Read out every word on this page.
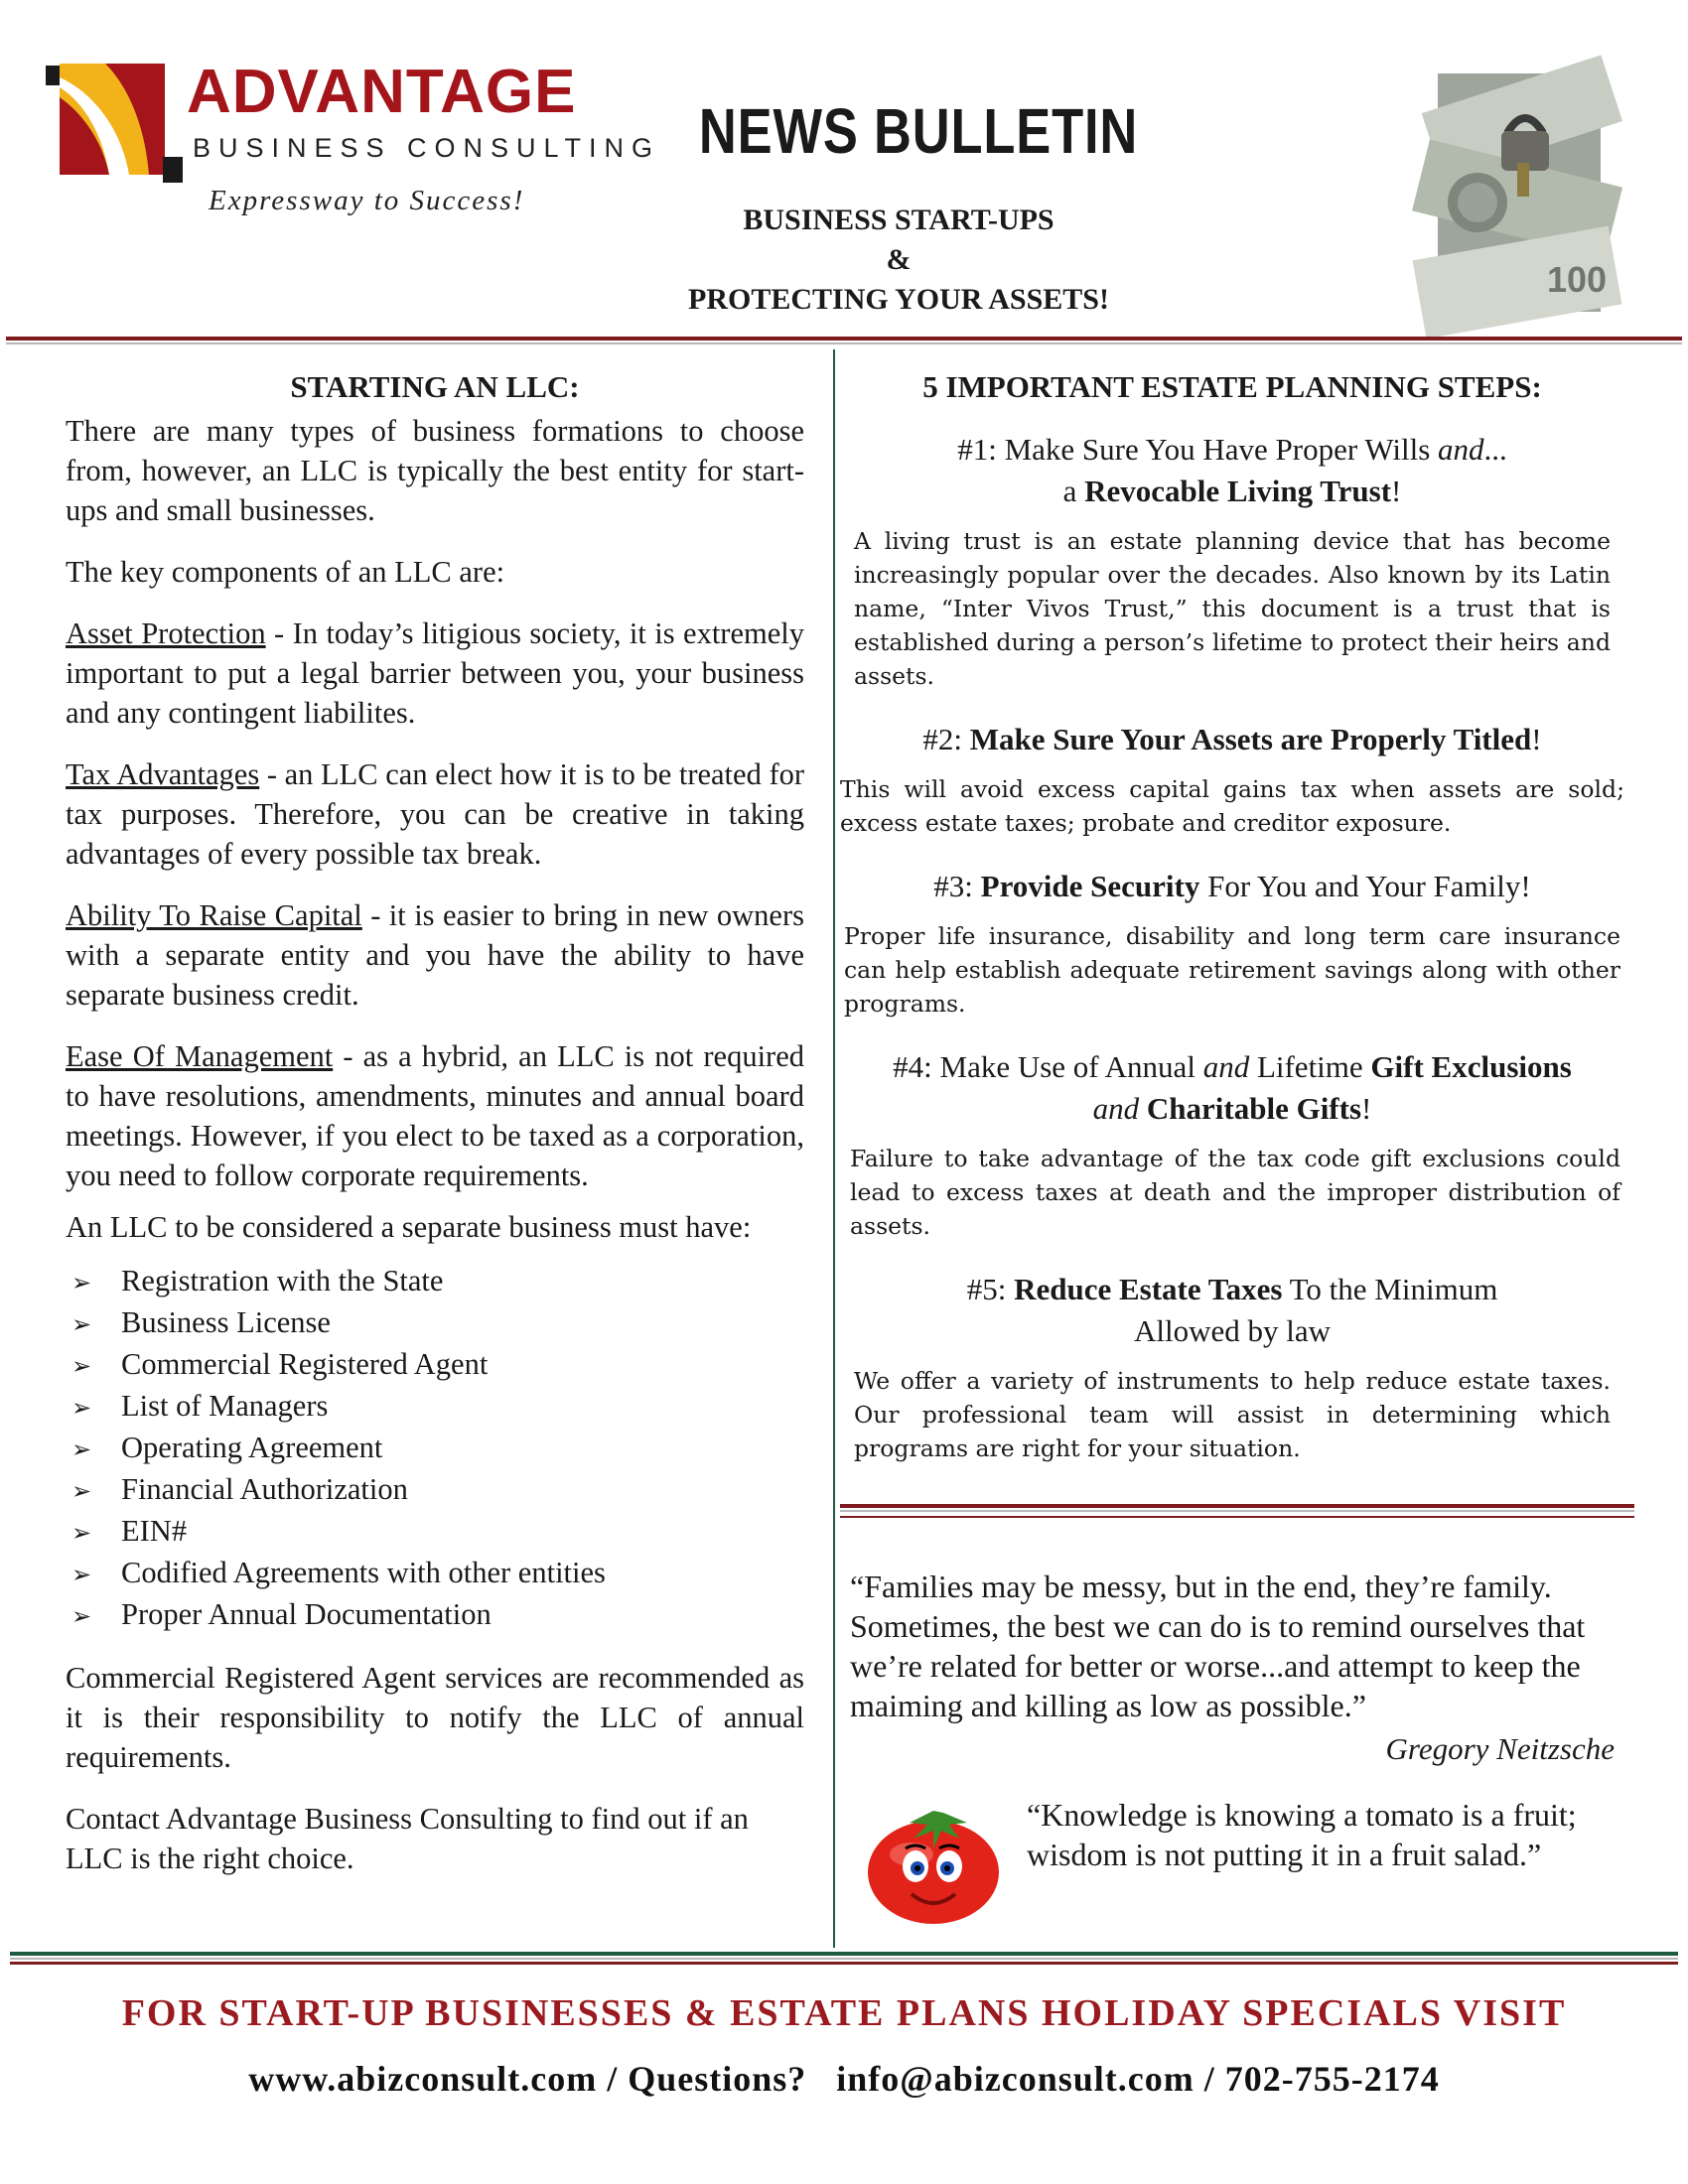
ADVANTAGE
BUSINESS CONSULTING
Expressway to Success!
NEWS BULLETIN
BUSINESS START-UPS
&
PROTECTING YOUR ASSETS!	100
STARTING AN LLC:

There are many types of business formations to choose from, however, an LLC is typically the best entity for start-ups and small businesses.

The key components of an LLC are:

Asset Protection - In today’s litigious society, it is extremely important to put a legal barrier between you, your business and any contingent liabilites.

Tax Advantages - an LLC can elect how it is to be treated for tax purposes. Therefore, you can be creative in taking advantages of every possible tax break.

Ability To Raise Capital - it is easier to bring in new owners with a separate entity and you have the ability to have separate business credit.

Ease Of Management - as a hybrid, an LLC is not required to have resolutions, amendments, minutes and annual board meetings. However, if you elect to be taxed as a corporation, you need to follow corporate requirements.

An LLC to be considered a separate business must have:

➢ Registration with the State
➢ Business License
➢ Commercial Registered Agent
➢ List of Managers
➢ Operating Agreement
➢ Financial Authorization
➢ EIN#
➢ Codified Agreements with other entities
➢ Proper Annual Documentation

Commercial Registered Agent services are recommended as it is their responsibility to notify the LLC of annual requirements.

Contact Advantage Business Consulting to find out if an LLC is the right choice.

5 IMPORTANT ESTATE PLANNING STEPS:
#1: Make Sure You Have Proper Wills and...
a Revocable Living Trust!
A living trust is an estate planning device that has become increasingly popular over the decades. Also known by its Latin name, “Inter Vivos Trust,” this document is a trust that is established during a person’s lifetime to protect their heirs and assets.
#2: Make Sure Your Assets are Properly Titled!
This will avoid excess capital gains tax when assets are sold; excess estate taxes; probate and creditor exposure.
#3: Provide Security For You and Your Family!
Proper life insurance, disability and long term care insurance can help establish adequate retirement savings along with other programs.
#4: Make Use of Annual and Lifetime Gift Exclusions
and Charitable Gifts!
Failure to take advantage of the tax code gift exclusions could lead to excess taxes at death and the improper distribution of assets.
#5: Reduce Estate Taxes To the Minimum
Allowed by law
We offer a variety of instruments to help reduce estate taxes. Our professional team will assist in determining which programs are right for your situation.

“Families may be messy, but in the end, they’re family. Sometimes, the best we can do is to remind ourselves that we’re related for better or worse...and attempt to keep the maiming and killing as low as possible.”

Gregory Neitzsche

“Knowledge is knowing a tomato is a fruit; wisdom is not putting it in a fruit salad.”

FOR START-UP BUSINESSES & ESTATE PLANS HOLIDAY SPECIALS VISIT
www.abizconsult.com / Questions?   info@abizconsult.com / 702-755-2174
